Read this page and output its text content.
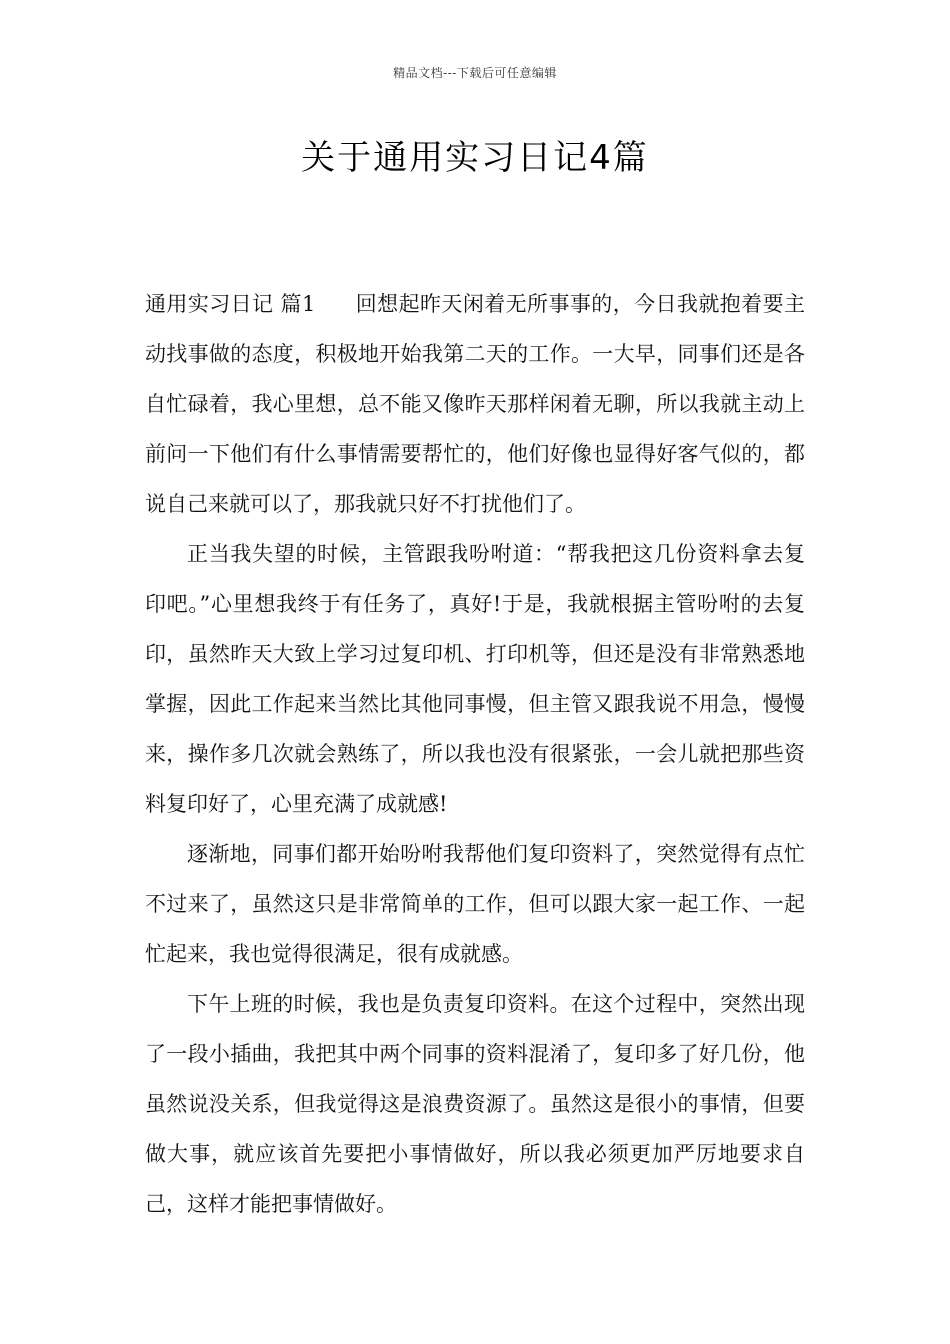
精品文档---下载后可任意编辑
关于通用实习日记4篇

通用实习日记 篇1 回想起昨天闲着无所事事的，今日我就抱着要主动找事做的态度，积极地开始我第二天的工作。一大早，同事们还是各自忙碌着，我心里想，总不能又像昨天那样闲着无聊，所以我就主动上前问一下他们有什么事情需要帮忙的，他们好像也显得好客气似的，都说自己来就可以了，那我就只好不打扰他们了。

正当我失望的时候，主管跟我吩咐道：“帮我把这几份资料拿去复印吧。”心里想我终于有任务了，真好!于是，我就根据主管吩咐的去复印，虽然昨天大致上学习过复印机、打印机等，但还是没有非常熟悉地掌握，因此工作起来当然比其他同事慢，但主管又跟我说不用急，慢慢来，操作多几次就会熟练了，所以我也没有很紧张，一会儿就把那些资料复印好了，心里充满了成就感!

逐渐地，同事们都开始吩咐我帮他们复印资料了，突然觉得有点忙不过来了，虽然这只是非常简单的工作，但可以跟大家一起工作、一起忙起来，我也觉得很满足，很有成就感。

下午上班的时候，我也是负责复印资料。在这个过程中，突然出现了一段小插曲，我把其中两个同事的资料混淆了，复印多了好几份，他虽然说没关系，但我觉得这是浪费资源了。虽然这是很小的事情，但要做大事，就应该首先要把小事情做好，所以我必须更加严厉地要求自己，这样才能把事情做好。
